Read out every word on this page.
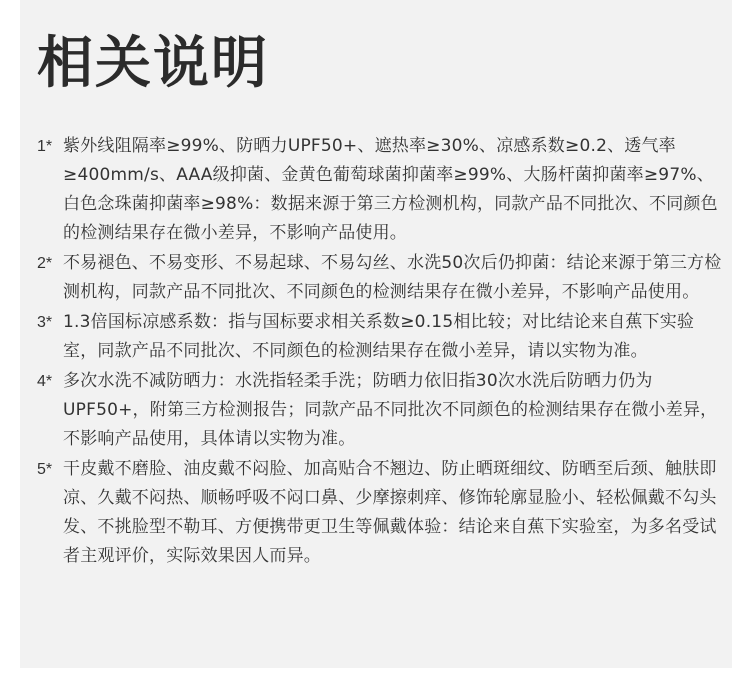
相关说明
1* 紫外线阻隔率≥99%、防晒力UPF50+、遮热率≥30%、凉感系数≥0.2、透气率≥400mm/s、AAA级抑菌、金黄色葡萄球菌抑菌率≥99%、大肠杆菌抑菌率≥97%、白色念珠菌抑菌率≥98%：数据来源于第三方检测机构，同款产品不同批次、不同颜色的检测结果存在微小差异，不影响产品使用。
2* 不易褪色、不易变形、不易起球、不易勾丝、水洗50次后仍抑菌：结论来源于第三方检测机构，同款产品不同批次、不同颜色的检测结果存在微小差异，不影响产品使用。
3* 1.3倍国标凉感系数：指与国标要求相关系数≥0.15相比较；对比结论来自蕉下实验室，同款产品不同批次、不同颜色的检测结果存在微小差异，请以实物为准。
4* 多次水洗不减防晒力：水洗指轻柔手洗；防晒力依旧指30次水洗后防晒力仍为UPF50+，附第三方检测报告；同款产品不同批次不同颜色的检测结果存在微小差异，不影响产品使用，具体请以实物为准。
5* 干皮戴不磨脸、油皮戴不闷脸、加高贴合不翘边、防止晒斑细纹、防晒至后颈、触肤即凉、久戴不闷热、顺畅呼吸不闷口鼻、少摩擦刺痒、修饰轮廓显脸小、轻松佩戴不勾头发、不挑脸型不勒耳、方便携带更卫生等佩戴体验：结论来自蕉下实验室，为多名受试者主观评价，实际效果因人而异。
